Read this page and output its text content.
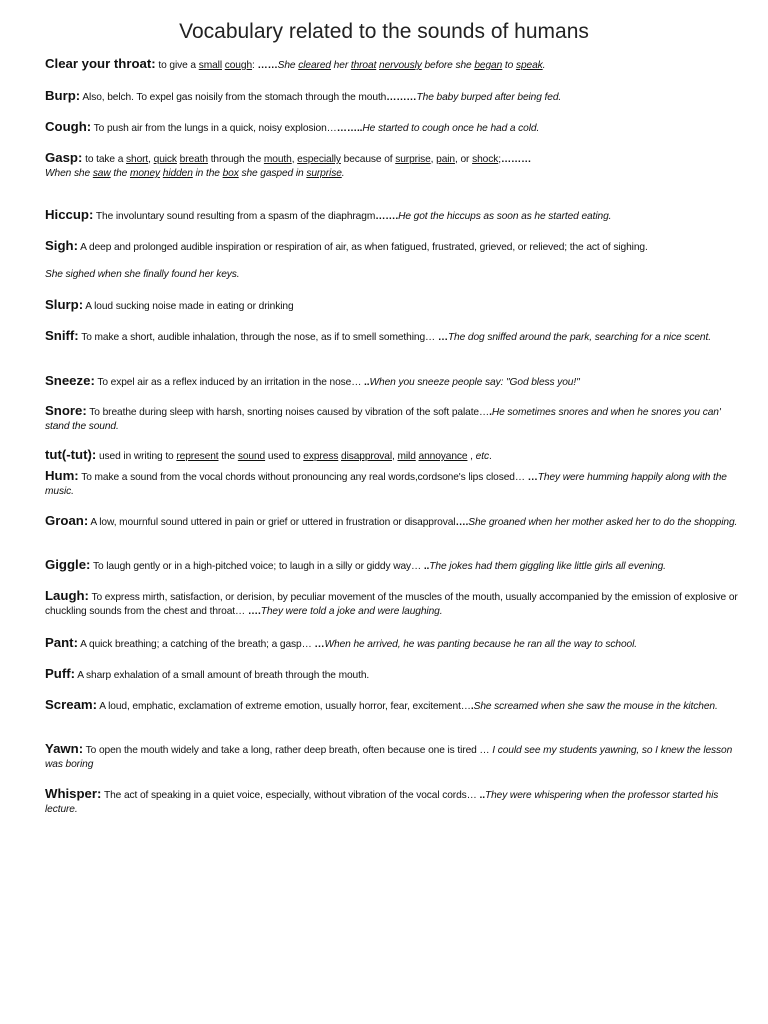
Vocabulary related to the sounds of humans
Clear your throat: to give a small cough: ……She cleared her throat nervously before she began to speak.
Burp: Also, belch. To expel gas noisily from the stomach through the mouth………The baby burped after being fed.
Cough: To push air from the lungs in a quick, noisy explosion………..He started to cough once he had a cold.
Gasp: to take a short, quick breath through the mouth, especially because of surprise, pain, or shock;………
When she saw the money hidden in the box she gasped in surprise.
Hiccup: The involuntary sound resulting from a spasm of the diaphragm…….He got the hiccups as soon as he started eating.
Sigh: A deep and prolonged audible inspiration or respiration of air, as when fatigued, frustrated, grieved, or relieved; the act of sighing.
She sighed when she finally found her keys.
Slurp: A loud sucking noise made in eating or drinking
Sniff: To make a short, audible inhalation, through the nose, as if to smell something… …The dog sniffed around the park, searching for a nice scent.
Sneeze: To expel air as a reflex induced by an irritation in the nose… ..When you sneeze people say: "God bless you!"
Snore: To breathe during sleep with harsh, snorting noises caused by vibration of the soft palate….He sometimes snores and when he snores you can' stand the sound.
tut(-tut): used in writing to represent the sound used to express disapproval, mild annoyance , etc.
Hum: To make a sound from the vocal chords without pronouncing any real words,cordsone's lips closed… …They were humming happily along with the music.
Groan: A low, mournful sound uttered in pain or grief or uttered in frustration or disapproval….She groaned when her mother asked her to do the shopping.
Giggle: To laugh gently or in a high-pitched voice; to laugh in a silly or giddy way… ..The jokes had them giggling like little girls all evening.
Laugh: To express mirth, satisfaction, or derision, by peculiar movement of the muscles of the mouth, usually accompanied by the emission of explosive or chuckling sounds from the chest and throat… ….They were told a joke and were laughing.
Pant: A quick breathing; a catching of the breath; a gasp… …When he arrived, he was panting because he ran all the way to school.
Puff: A sharp exhalation of a small amount of breath through the mouth.
Scream: A loud, emphatic, exclamation of extreme emotion, usually horror, fear, excitement….She screamed when she saw the mouse in the kitchen.
Yawn: To open the mouth widely and take a long, rather deep breath, often because one is tired … I could see my students yawning, so I knew the lesson was boring
Whisper: The act of speaking in a quiet voice, especially, without vibration of the vocal cords… ..They were whispering when the professor started his lecture.
